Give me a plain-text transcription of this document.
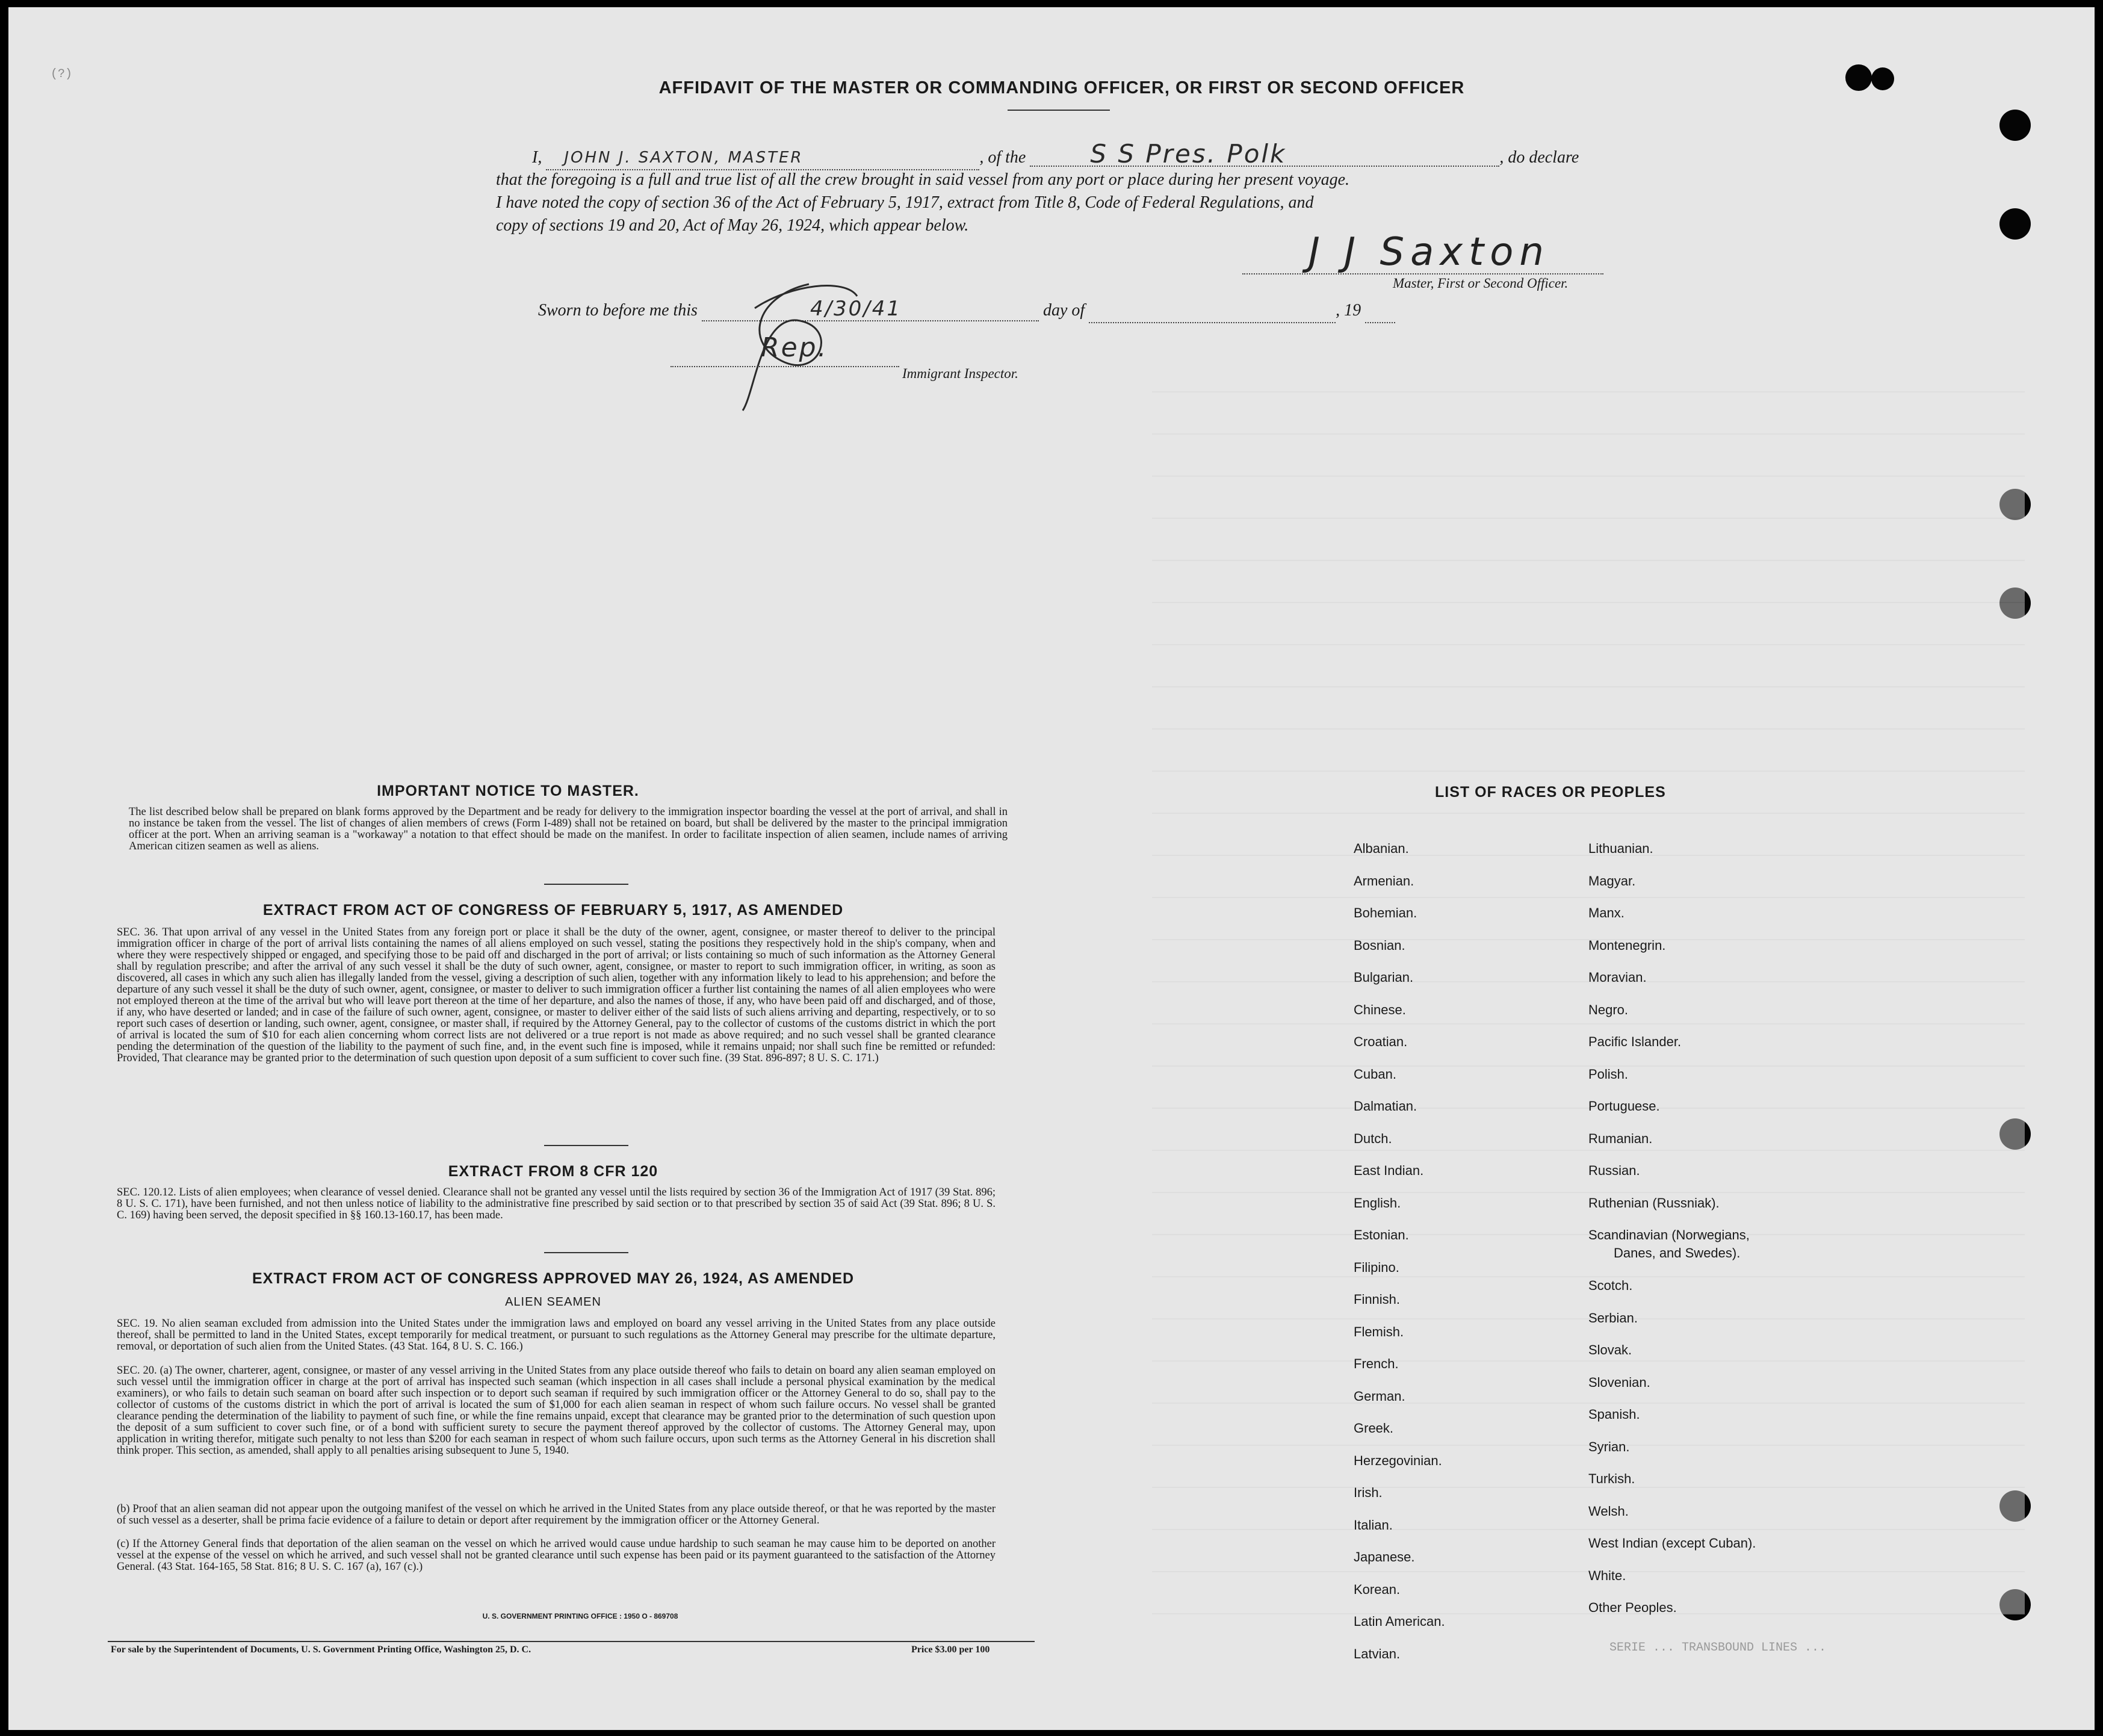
(?)
AFFIDAVIT OF THE MASTER OR COMMANDING OFFICER, OR FIRST OR SECOND OFFICER
I, JOHN J. SAXTON, MASTER	, of the	S S Pres. Polk	, do declare
that the foregoing is a full and true list of all the crew brought in said vessel from any port or place during her present voyage.
I have noted the copy of section 36 of the Act of February 5, 1917, extract from Title 8, Code of Federal Regulations, and
copy of sections 19 and 20, Act of May 26, 1924, which appear below.
J J Saxton
Master, First or Second Officer.
Sworn to before me this	4/30/41	day of	, 19
Rep.
Immigrant Inspector.
IMPORTANT NOTICE TO MASTER.
The list described below shall be prepared on blank forms approved by the Department and be ready for delivery to the immigration inspector boarding the vessel at the port of arrival, and shall in no instance be taken from the vessel. The list of changes of alien members of crews (Form I-489) shall not be retained on board, but shall be delivered by the master to the principal immigration officer at the port. When an arriving seaman is a "workaway" a notation to that effect should be made on the manifest. In order to facilitate inspection of alien seamen, include names of arriving American citizen seamen as well as aliens.
EXTRACT FROM ACT OF CONGRESS OF FEBRUARY 5, 1917, AS AMENDED
SEC. 36. That upon arrival of any vessel in the United States from any foreign port or place it shall be the duty of the owner, agent, consignee, or master thereof to deliver to the principal immigration officer in charge of the port of arrival lists containing the names of all aliens employed on such vessel, stating the positions they respectively hold in the ship's company, when and where they were respectively shipped or engaged, and specifying those to be paid off and discharged in the port of arrival; or lists containing so much of such information as the Attorney General shall by regulation prescribe; and after the arrival of any such vessel it shall be the duty of such owner, agent, consignee, or master to report to such immigration officer, in writing, as soon as discovered, all cases in which any such alien has illegally landed from the vessel, giving a description of such alien, together with any information likely to lead to his apprehension; and before the departure of any such vessel it shall be the duty of such owner, agent, consignee, or master to deliver to such immigration officer a further list containing the names of all alien employees who were not employed thereon at the time of the arrival but who will leave port thereon at the time of her departure, and also the names of those, if any, who have been paid off and discharged, and of those, if any, who have deserted or landed; and in case of the failure of such owner, agent, consignee, or master to deliver either of the said lists of such aliens arriving and departing, respectively, or to so report such cases of desertion or landing, such owner, agent, consignee, or master shall, if required by the Attorney General, pay to the collector of customs of the customs district in which the port of arrival is located the sum of $10 for each alien concerning whom correct lists are not delivered or a true report is not made as above required; and no such vessel shall be granted clearance pending the determination of the question of the liability to the payment of such fine, and, in the event such fine is imposed, while it remains unpaid; nor shall such fine be remitted or refunded: Provided, That clearance may be granted prior to the determination of such question upon deposit of a sum sufficient to cover such fine. (39 Stat. 896-897; 8 U. S. C. 171.)
EXTRACT FROM 8 CFR 120
SEC. 120.12. Lists of alien employees; when clearance of vessel denied. Clearance shall not be granted any vessel until the lists required by section 36 of the Immigration Act of 1917 (39 Stat. 896; 8 U. S. C. 171), have been furnished, and not then unless notice of liability to the administrative fine prescribed by said section or to that prescribed by section 35 of said Act (39 Stat. 896; 8 U. S. C. 169) having been served, the deposit specified in §§ 160.13-160.17, has been made.
EXTRACT FROM ACT OF CONGRESS APPROVED MAY 26, 1924, AS AMENDED
ALIEN SEAMEN
SEC. 19. No alien seaman excluded from admission into the United States under the immigration laws and employed on board any vessel arriving in the United States from any place outside thereof, shall be permitted to land in the United States, except temporarily for medical treatment, or pursuant to such regulations as the Attorney General may prescribe for the ultimate departure, removal, or deportation of such alien from the United States. (43 Stat. 164, 8 U. S. C. 166.)
SEC. 20. (a) The owner, charterer, agent, consignee, or master of any vessel arriving in the United States from any place outside thereof who fails to detain on board any alien seaman employed on such vessel until the immigration officer in charge at the port of arrival has inspected such seaman (which inspection in all cases shall include a personal physical examination by the medical examiners), or who fails to detain such seaman on board after such inspection or to deport such seaman if required by such immigration officer or the Attorney General to do so, shall pay to the collector of customs of the customs district in which the port of arrival is located the sum of $1,000 for each alien seaman in respect of whom such failure occurs. No vessel shall be granted clearance pending the determination of the liability to payment of such fine, or while the fine remains unpaid, except that clearance may be granted prior to the determination of such question upon the deposit of a sum sufficient to cover such fine, or of a bond with sufficient surety to secure the payment thereof approved by the collector of customs. The Attorney General may, upon application in writing therefor, mitigate such penalty to not less than $200 for each seaman in respect of whom such failure occurs, upon such terms as the Attorney General in his discretion shall think proper. This section, as amended, shall apply to all penalties arising subsequent to June 5, 1940.
(b) Proof that an alien seaman did not appear upon the outgoing manifest of the vessel on which he arrived in the United States from any place outside thereof, or that he was reported by the master of such vessel as a deserter, shall be prima facie evidence of a failure to detain or deport after requirement by the immigration officer or the Attorney General.
(c) If the Attorney General finds that deportation of the alien seaman on the vessel on which he arrived would cause undue hardship to such seaman he may cause him to be deported on another vessel at the expense of the vessel on which he arrived, and such vessel shall not be granted clearance until such expense has been paid or its payment guaranteed to the satisfaction of the Attorney General. (43 Stat. 164-165, 58 Stat. 816; 8 U. S. C. 167 (a), 167 (c).)
U. S. GOVERNMENT PRINTING OFFICE : 1950 O - 869708
For sale by the Superintendent of Documents, U. S. Government Printing Office, Washington 25, D. C.	Price $3.00 per 100	SERIE ... TRANSBOUND LINES ...
LIST OF RACES OR PEOPLES
Albanian.
Armenian.
Bohemian.
Bosnian.
Bulgarian.
Chinese.
Croatian.
Cuban.
Dalmatian.
Dutch.
East Indian.
English.
Estonian.
Filipino.
Finnish.
Flemish.
French.
German.
Greek.
Herzegovinian.
Irish.
Italian.
Japanese.
Korean.
Latin American.
Latvian.
Lithuanian.
Magyar.
Manx.
Montenegrin.
Moravian.
Negro.
Pacific Islander.
Polish.
Portuguese.
Rumanian.
Russian.
Ruthenian (Russniak).
Scandinavian (Norwegians,
Danes, and Swedes).
Scotch.
Serbian.
Slovak.
Slovenian.
Spanish.
Syrian.
Turkish.
Welsh.
West Indian (except Cuban).
White.
Other Peoples.
